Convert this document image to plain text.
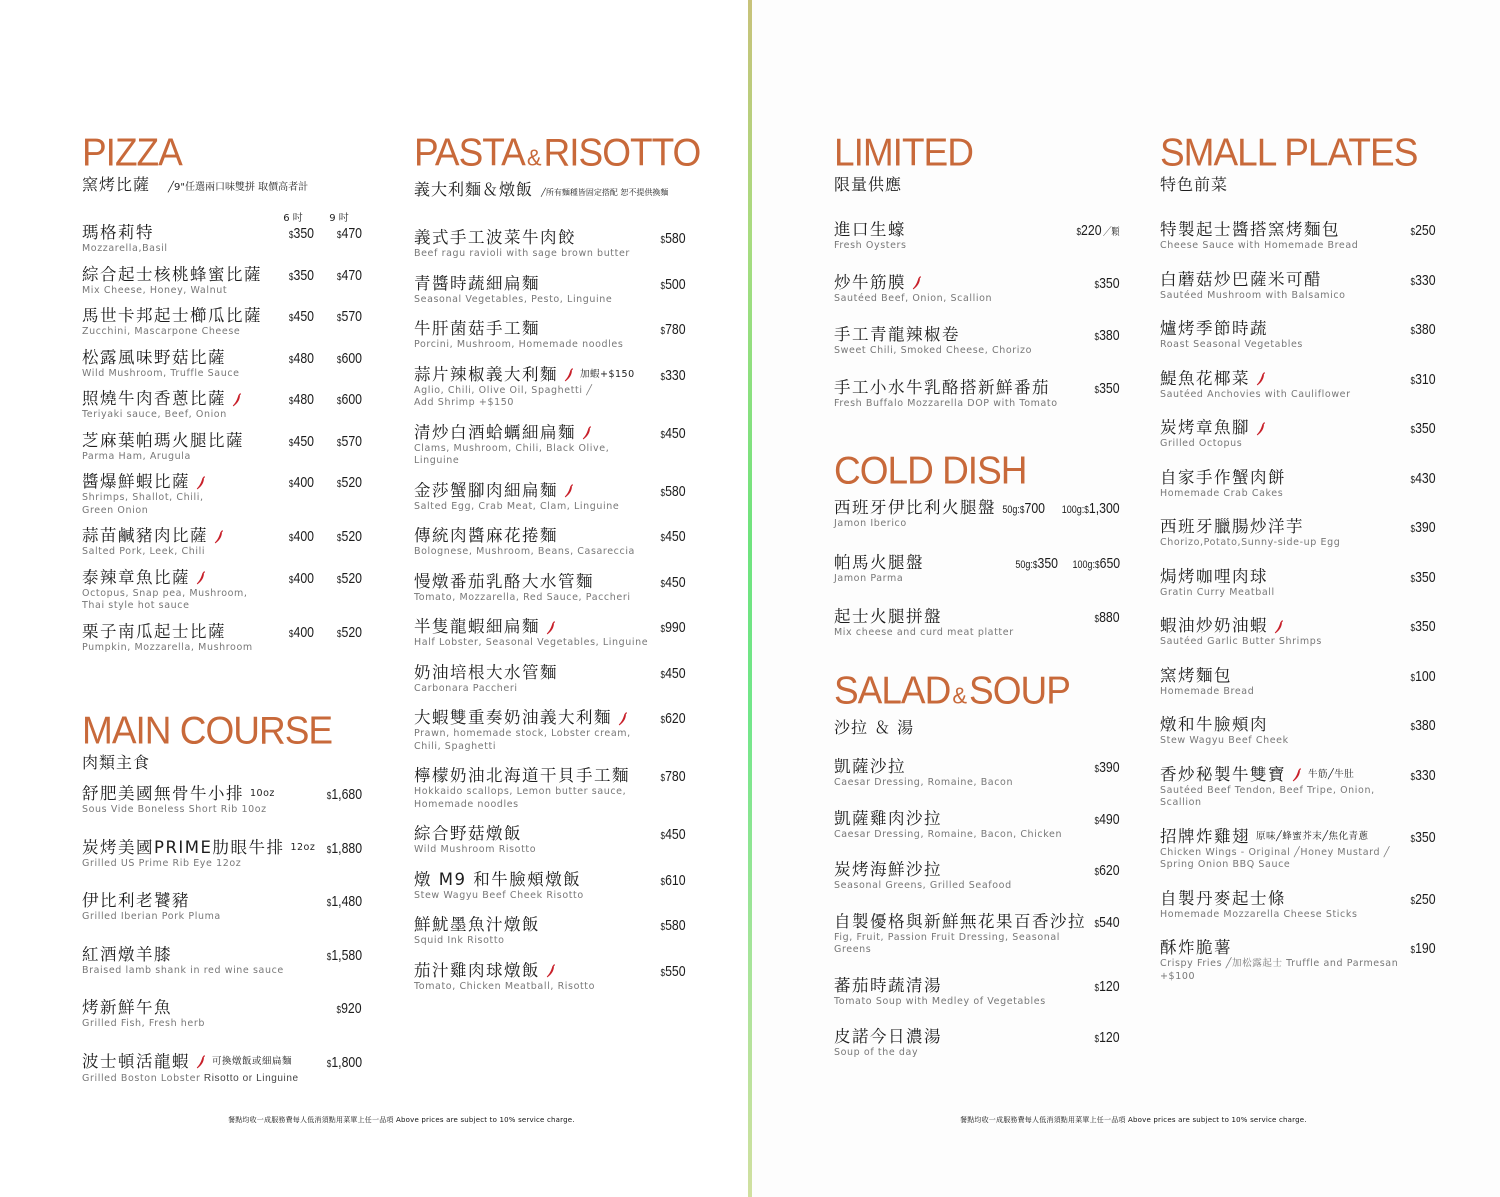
PIZZA
窯烤比薩 ╱9"任選兩口味雙拼 取價高者計
6 吋	9 吋
瑪格莉特
Mozzarella,Basil
$350	$470
綜合起士核桃蜂蜜比薩
Mix Cheese, Honey, Walnut
$350	$470
馬世卡邦起士櫛瓜比薩
Zucchini, Mascarpone Cheese
$450	$570
松露風味野菇比薩
Wild Mushroom, Truffle Sauce
$480	$600
照燒牛肉香蔥比薩
Teriyaki sauce, Beef, Onion
$480	$600
芝麻葉帕瑪火腿比薩
Parma Ham, Arugula
$450	$570
醬爆鮮蝦比薩
Shrimps, Shallot, Chili,
Green Onion
$400	$520
蒜苗鹹豬肉比薩
Salted Pork, Leek, Chili
$400	$520
泰辣章魚比薩
Octopus, Snap pea, Mushroom,
Thai style hot sauce
$400	$520
栗子南瓜起士比薩
Pumpkin, Mozzarella, Mushroom
$400	$520
MAIN COURSE
肉類主食
舒肥美國無骨牛小排 10oz
Sous Vide Boneless Short Rib 10oz
$1,680
炭烤美國PRIME肋眼牛排 12oz
Grilled US Prime Rib Eye 12oz
$1,880
伊比利老饕豬
Grilled Iberian Pork Pluma
$1,480
紅酒燉羊膝
Braised lamb shank in red wine sauce
$1,580
烤新鮮午魚
Grilled Fish, Fresh herb
$920
波士頓活龍蝦 可換燉飯或細扁麵
Grilled Boston Lobster Risotto or Linguine
$1,800
PASTA&RISOTTO
義大利麵＆燉飯 ╱所有麵種皆固定搭配 恕不提供換麵
義式手工波菜牛肉餃
Beef ragu ravioli with sage brown butter
$580
青醬時蔬細扁麵
Seasonal Vegetables, Pesto, Linguine
$500
牛肝菌菇手工麵
Porcini, Mushroom, Homemade noodles
$780
蒜片辣椒義大利麵 加蝦+$150
Aglio, Chili, Olive Oil, Spaghetti ╱
Add Shrimp +$150
$330
清炒白酒蛤蠣細扁麵
Clams, Mushroom, Chili, Black Olive, Linguine
$450
金莎蟹腳肉細扁麵
Salted Egg, Crab Meat, Clam, Linguine
$580
傳統肉醬麻花捲麵
Bolognese, Mushroom, Beans, Casareccia
$450
慢燉番茄乳酪大水管麵
Tomato, Mozzarella, Red Sauce, Paccheri
$450
半隻龍蝦細扁麵
Half Lobster, Seasonal Vegetables, Linguine
$990
奶油培根大水管麵
Carbonara Paccheri
$450
大蝦雙重奏奶油義大利麵
Prawn, homemade stock, Lobster cream,
Chili, Spaghetti
$620
檸檬奶油北海道干貝手工麵
Hokkaido scallops, Lemon butter sauce,
Homemade noodles
$780
綜合野菇燉飯
Wild Mushroom Risotto
$450
燉 M9 和牛臉頰燉飯
Stew Wagyu Beef Cheek Risotto
$610
鮮魷墨魚汁燉飯
Squid Ink Risotto
$580
茄汁雞肉球燉飯
Tomato, Chicken Meatball, Risotto
$550
LIMITED
限量供應
進口生蠔
Fresh Oysters
$220 ╱顆
炒牛筋膜
Sautéed Beef, Onion, Scallion
$350
手工青龍辣椒卷
Sweet Chili, Smoked Cheese, Chorizo
$380
手工小水牛乳酪搭新鮮番茄
Fresh Buffalo Mozzarella DOP with Tomato
$350
COLD DISH
西班牙伊比利火腿盤
Jamon Iberico
50g:$700 100g:$1,300
帕馬火腿盤
Jamon Parma
50g:$350 100g:$650
起士火腿拼盤
Mix cheese and curd meat platter
$880
SALAD&SOUP
沙拉 ＆ 湯
凱薩沙拉
Caesar Dressing, Romaine, Bacon
$390
凱薩雞肉沙拉
Caesar Dressing, Romaine, Bacon, Chicken
$490
炭烤海鮮沙拉
Seasonal Greens, Grilled Seafood
$620
自製優格與新鮮無花果百香沙拉
Fig, Fruit, Passion Fruit Dressing, Seasonal Greens
$540
蕃茄時蔬清湯
Tomato Soup with Medley of Vegetables
$120
皮諾今日濃湯
Soup of the day
$120
SMALL PLATES
特色前菜
特製起士醬搭窯烤麵包
Cheese Sauce with Homemade Bread
$250
白蘑菇炒巴薩米可醋
Sautéed Mushroom with Balsamico
$330
爐烤季節時蔬
Roast Seasonal Vegetables
$380
鯷魚花椰菜
Sautéed Anchovies with Cauliflower
$310
炭烤章魚腳
Grilled Octopus
$350
自家手作蟹肉餅
Homemade Crab Cakes
$430
西班牙臘腸炒洋芋
Chorizo,Potato,Sunny-side-up Egg
$390
焗烤咖哩肉球
Gratin Curry Meatball
$350
蝦油炒奶油蝦
Sautéed Garlic Butter Shrimps
$350
窯烤麵包
Homemade Bread
$100
燉和牛臉頰肉
Stew Wagyu Beef Cheek
$380
香炒秘製牛雙寶 牛筋╱牛肚
Sautéed Beef Tendon, Beef Tripe, Onion, Scallion
$330
招牌炸雞翅 原味╱蜂蜜芥末╱焦化青蔥
Chicken Wings - Original ╱Honey Mustard ╱
Spring Onion BBQ Sauce
$350
自製丹麥起士條
Homemade Mozzarella Cheese Sticks
$250
酥炸脆薯
Crispy Fries ╱加松露起士 Truffle and Parmesan +$100
$190
餐點均收一成服務費每人低消須點用菜單上任一品項 Above prices are subject to 10% service charge.	餐點均收一成服務費每人低消須點用菜單上任一品項 Above prices are subject to 10% service charge.
